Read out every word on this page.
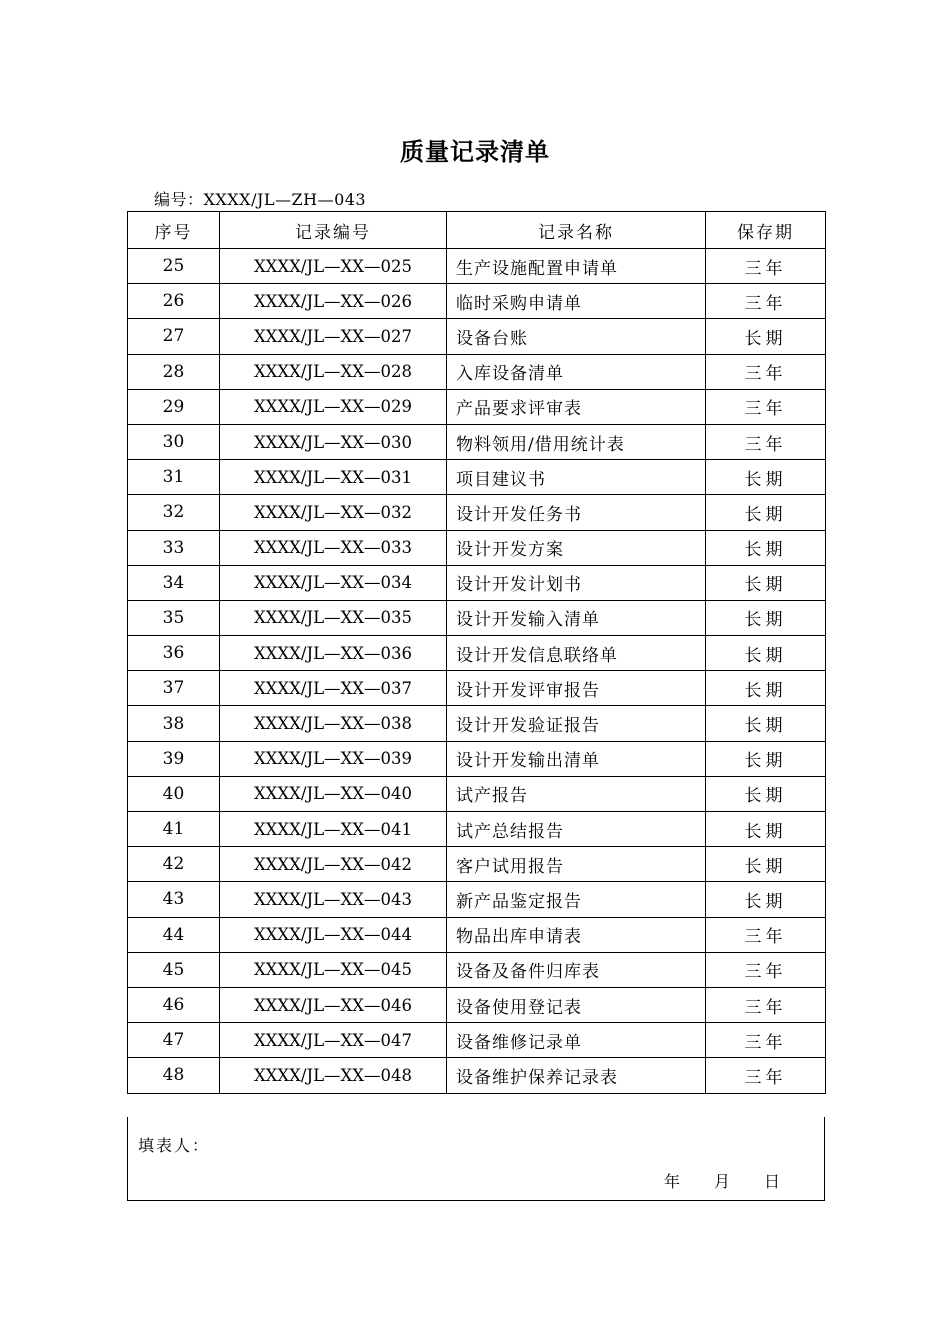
质量记录清单
编号：XXXX/JL—ZH—043
序号	记录编号	记录名称	保存期
25	XXXX/JL—XX—025	生产设施配置申请单	三年
26	XXXX/JL—XX—026	临时采购申请单	三年
27	XXXX/JL—XX—027	设备台账	长期
28	XXXX/JL—XX—028	入库设备清单	三年
29	XXXX/JL—XX—029	产品要求评审表	三年
30	XXXX/JL—XX—030	物料领用/借用统计表	三年
31	XXXX/JL—XX—031	项目建议书	长期
32	XXXX/JL—XX—032	设计开发任务书	长期
33	XXXX/JL—XX—033	设计开发方案	长期
34	XXXX/JL—XX—034	设计开发计划书	长期
35	XXXX/JL—XX—035	设计开发输入清单	长期
36	XXXX/JL—XX—036	设计开发信息联络单	长期
37	XXXX/JL—XX—037	设计开发评审报告	长期
38	XXXX/JL—XX—038	设计开发验证报告	长期
39	XXXX/JL—XX—039	设计开发输出清单	长期
40	XXXX/JL—XX—040	试产报告	长期
41	XXXX/JL—XX—041	试产总结报告	长期
42	XXXX/JL—XX—042	客户试用报告	长期
43	XXXX/JL—XX—043	新产品鉴定报告	长期
44	XXXX/JL—XX—044	物品出库申请表	三年
45	XXXX/JL—XX—045	设备及备件归库表	三年
46	XXXX/JL—XX—046	设备使用登记表	三年
47	XXXX/JL—XX—047	设备维修记录单	三年
48	XXXX/JL—XX—048	设备维护保养记录表	三年
填表人：
年 月 日
